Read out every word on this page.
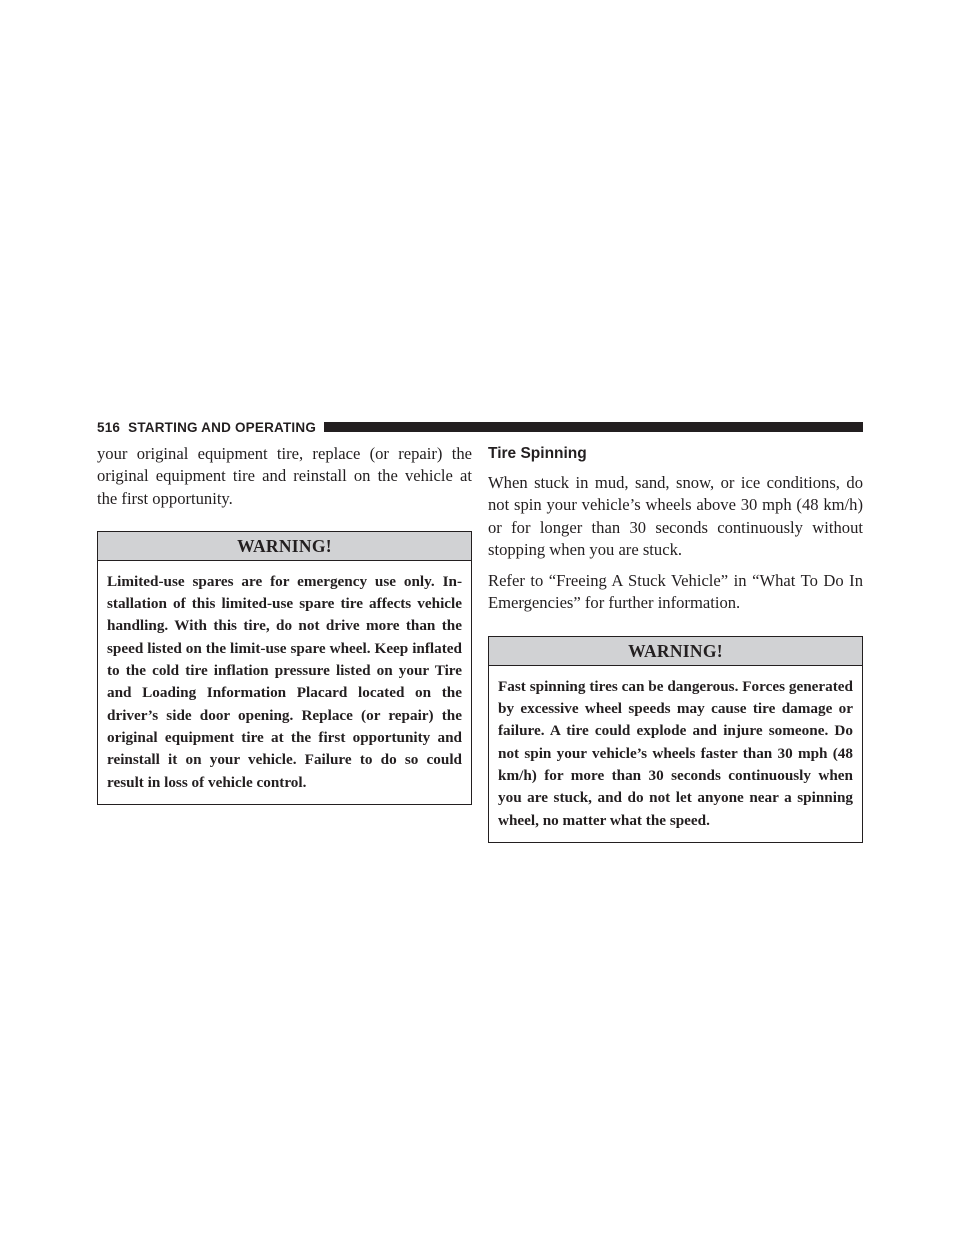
516 STARTING AND OPERATING

your original equipment tire, replace (or repair) the original equipment tire and reinstall on the vehicle at the first opportunity.

WARNING!
Limited-use spares are for emergency use only. Installation of this limited-use spare tire affects vehicle handling. With this tire, do not drive more than the speed listed on the limit-use spare wheel. Keep inflated to the cold tire inflation pressure listed on your Tire and Loading Information Placard located on the driver’s side door opening. Replace (or repair) the original equipment tire at the first opportunity and reinstall it on your vehicle. Failure to do so could result in loss of vehicle control.
Tire Spinning

When stuck in mud, sand, snow, or ice conditions, do not spin your vehicle’s wheels above 30 mph (48 km/h) or for longer than 30 seconds continuously without stopping when you are stuck.

Refer to “Freeing A Stuck Vehicle” in “What To Do In Emergencies” for further information.

WARNING!
Fast spinning tires can be dangerous. Forces generated by excessive wheel speeds may cause tire damage or failure. A tire could explode and injure someone. Do not spin your vehicle’s wheels faster than 30 mph (48 km/h) for more than 30 seconds continuously when you are stuck, and do not let anyone near a spinning wheel, no matter what the speed.
